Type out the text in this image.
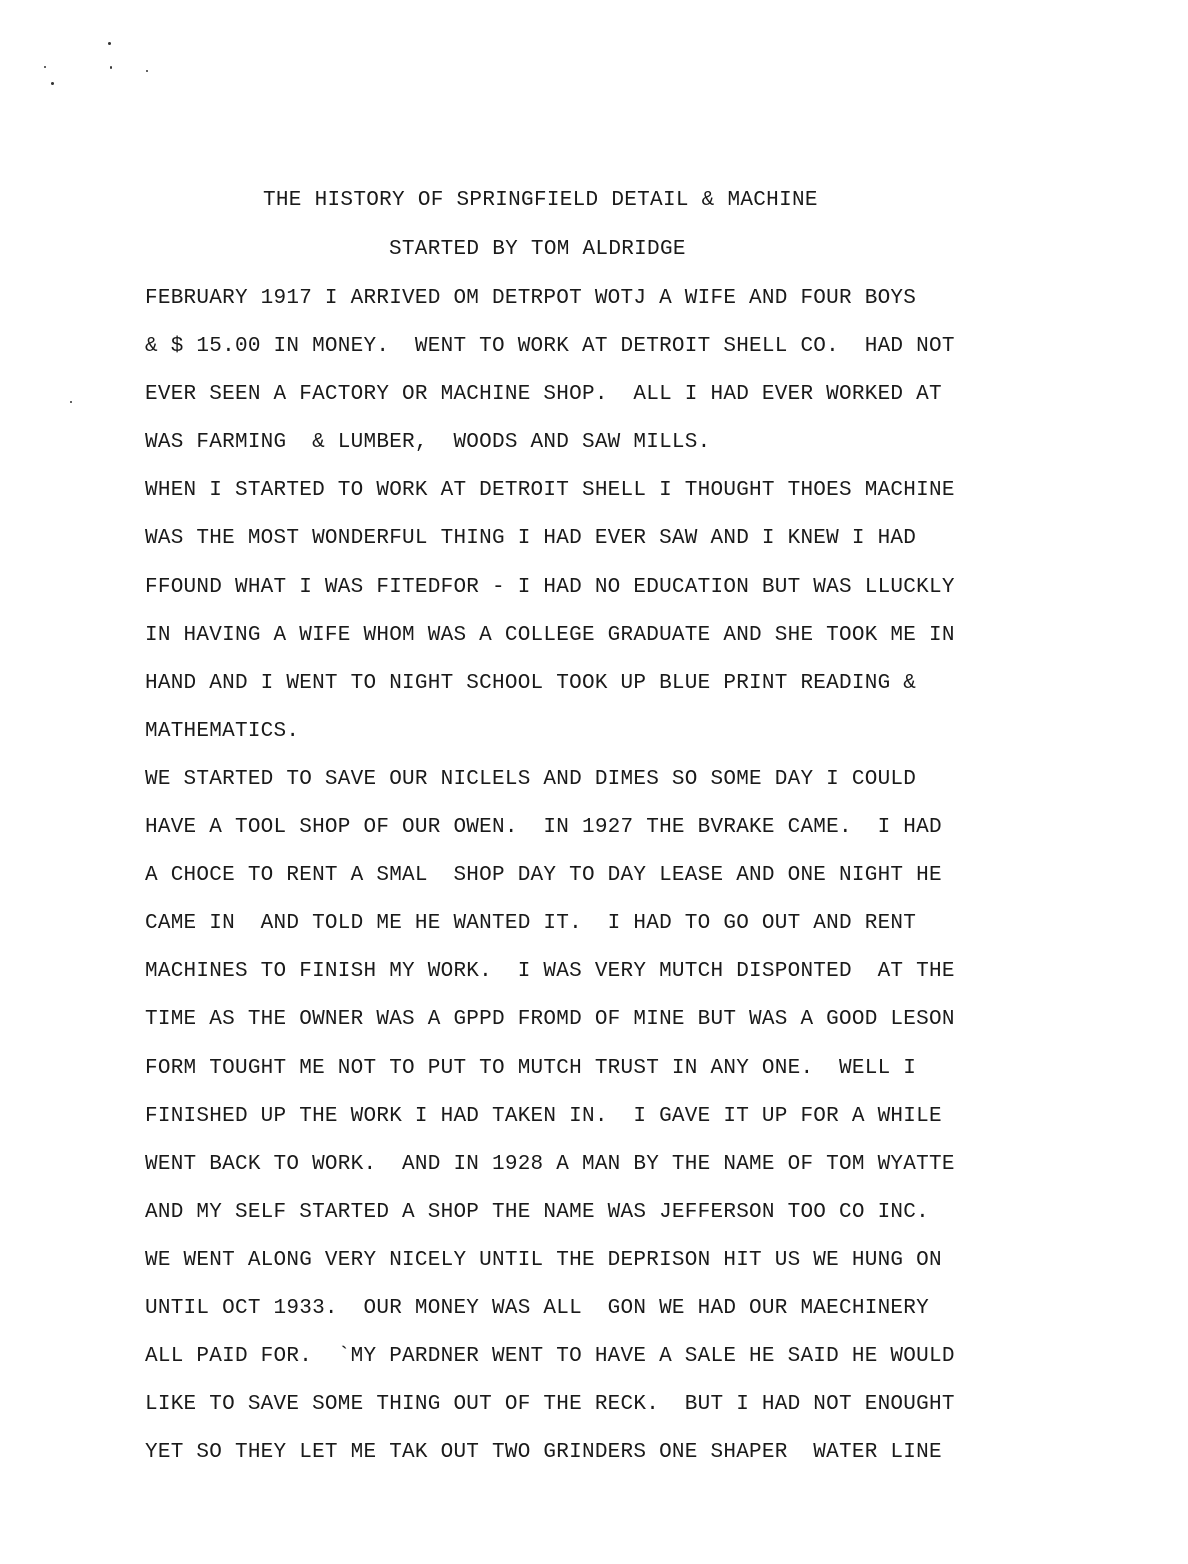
THE HISTORY OF SPRINGFIELD DETAIL & MACHINE
STARTED BY TOM ALDRIDGE
FEBRUARY 1917 I ARRIVED OM DETRPOT WOTJ A WIFE AND FOUR BOYS
& $ 15.00 IN MONEY.  WENT TO WORK AT DETROIT SHELL CO.  HAD NOT
EVER SEEN A FACTORY OR MACHINE SHOP.  ALL I HAD EVER WORKED AT
WAS FARMING  & LUMBER,  WOODS AND SAW MILLS.
WHEN I STARTED TO WORK AT DETROIT SHELL I THOUGHT THOES MACHINE
WAS THE MOST WONDERFUL THING I HAD EVER SAW AND I KNEW I HAD
FFOUND WHAT I WAS FITEDFOR - I HAD NO EDUCATION BUT WAS LLUCKLY
IN HAVING A WIFE WHOM WAS A COLLEGE GRADUATE AND SHE TOOK ME IN
HAND AND I WENT TO NIGHT SCHOOL TOOK UP BLUE PRINT READING &
MATHEMATICS.
WE STARTED TO SAVE OUR NICLELS AND DIMES SO SOME DAY I COULD
HAVE A TOOL SHOP OF OUR OWEN.  IN 1927 THE BVRAKE CAME.  I HAD
A CHOCE TO RENT A SMAL  SHOP DAY TO DAY LEASE AND ONE NIGHT HE
CAME IN  AND TOLD ME HE WANTED IT.  I HAD TO GO OUT AND RENT
MACHINES TO FINISH MY WORK.  I WAS VERY MUTCH DISPONTED  AT THE
TIME AS THE OWNER WAS A GPPD FROMD OF MINE BUT WAS A GOOD LESON
FORM TOUGHT ME NOT TO PUT TO MUTCH TRUST IN ANY ONE.  WELL I
FINISHED UP THE WORK I HAD TAKEN IN.  I GAVE IT UP FOR A WHILE
WENT BACK TO WORK.  AND IN 1928 A MAN BY THE NAME OF TOM WYATTE
AND MY SELF STARTED A SHOP THE NAME WAS JEFFERSON TOO CO INC.
WE WENT ALONG VERY NICELY UNTIL THE DEPRISON HIT US WE HUNG ON
UNTIL OCT 1933.  OUR MONEY WAS ALL  GON WE HAD OUR MAECHINERY
ALL PAID FOR.  `MY PARDNER WENT TO HAVE A SALE HE SAID HE WOULD
LIKE TO SAVE SOME THING OUT OF THE RECK.  BUT I HAD NOT ENOUGHT
YET SO THEY LET ME TAK OUT TWO GRINDERS ONE SHAPER  WATER LINE
